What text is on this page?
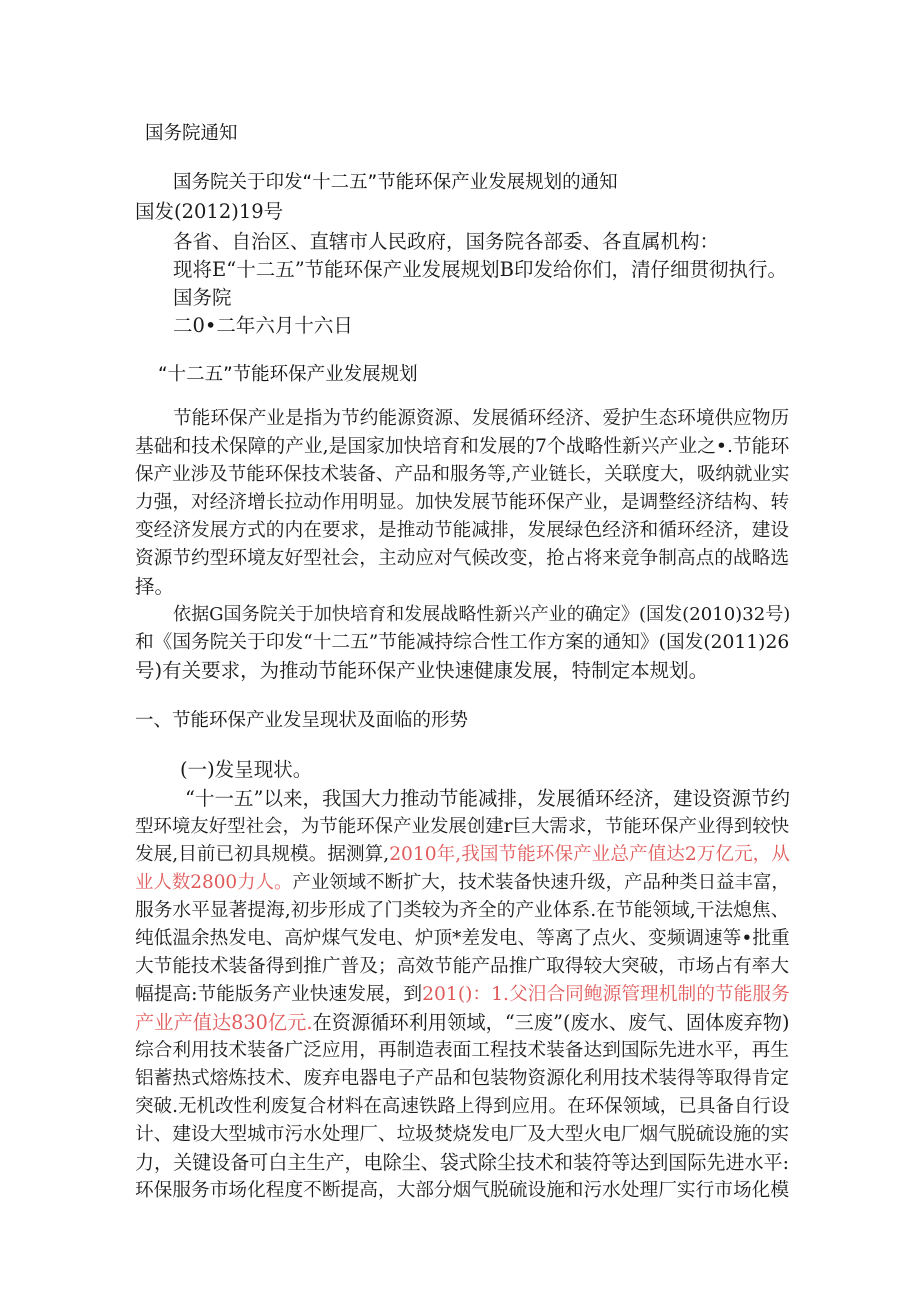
国务院通知
国务院关于印发“十二五”节能环保产业发展规划的通知
国发(2012)19号
各省、自治区、直辖市人民政府，国务院各部委、各直属机构：
现将E“十二五”节能环保产业发展规划B印发给你们，清仔细贯彻执行。
国务院
二0•二年六月十六日
“十二五”节能环保产业发展规划
节能环保产业是指为节约能源资源、发展循环经济、爱护生态环境供应物历
基础和技术保障的产业,是国家加快培育和发展的7个战略性新兴产业之•.节能环
保产业涉及节能环保技术装备、产品和服务等,产业链长，关联度大，吸纳就业实
力强，对经济增长拉动作用明显。加快发展节能环保产业，是调整经济结构、转
变经济发展方式的内在要求，是推动节能减排，发展绿色经济和循环经济，建设
资源节约型环境友好型社会，主动应对气候改变，抢占将来竞争制高点的战略选
择。
依据G国务院关于加快培育和发展战略性新兴产业的确定》(国发(2010)32号)
和《国务院关于印发“十二五”节能减持综合性工作方案的通知》(国发(2011)26
号)有关要求，为推动节能环保产业快速健康发展，特制定本规划。
一、节能环保产业发呈现状及面临的形势
(一)发呈现状。
“十一五”以来，我国大力推动节能减排，发展循环经济，建设资源节约
型环境友好型社会，为节能环保产业发展创建r巨大需求，节能环保产业得到较快
发展,目前已初具规模。据测算,2010年,我国节能环保产业总产值达2万亿元，从
业人数2800力人。产业领域不断扩大，技术装备快速升级，产品种类日益丰富，
服务水平显著提海,初步形成了门类较为齐全的产业体系.在节能领域,干法熄焦、
纯低温余热发电、高炉煤气发电、炉顶*差发电、等离了点火、变频调速等•批重
大节能技术装备得到推广普及；高效节能产品推广取得较大突破，市场占有率大
幅提高:节能版务产业快速发展，到201()：1.父汨合同鲍源管理机制的节能服务
产业产值达830亿元.在资源循环利用领域，“三废”(废水、废气、固体废弃物)
综合利用技术装备广泛应用，再制造表面工程技术装备达到国际先进水平，再生
铝蓄热式熔炼技术、废弃电器电子产品和包装物资源化利用技术装得等取得肯定
突破.无机改性利废复合材料在高速铁路上得到应用。在环保领域，已具备自行设
计、建设大型城市污水处理厂、垃圾焚烧发电厂及大型火电厂烟气脱硫设施的实
力，关键设备可白主生产，电除尘、袋式除尘技术和装符等达到国际先进水平:
环保服务市场化程度不断提高，大部分烟气脱硫设施和污水处理厂实行市场化模
